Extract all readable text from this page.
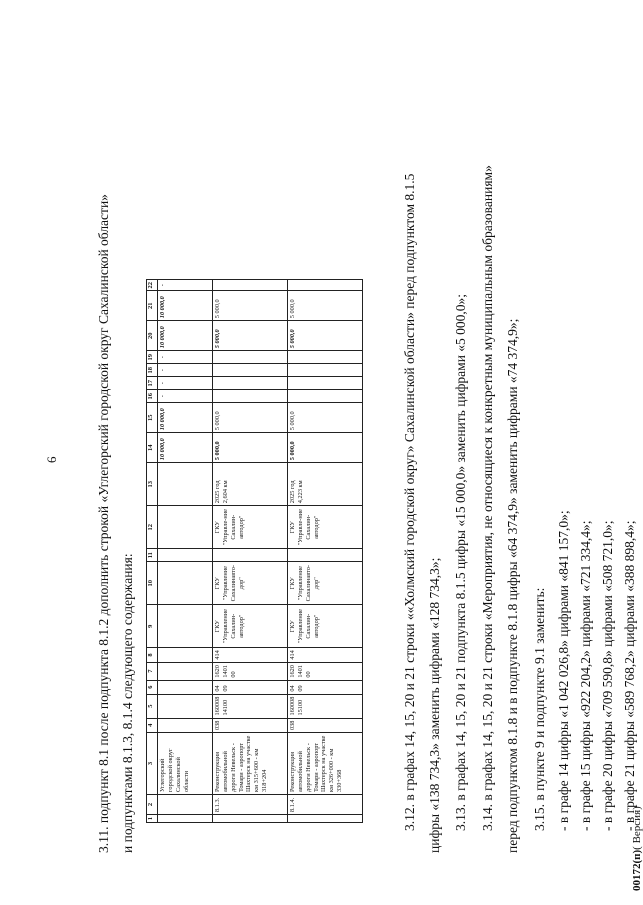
6	3.11. подпункт 8.1 после подпункта 8.1.2 дополнить строкой «Углегорский городской округ Сахалинской области» и подпунктами 8.1.3, 8.1.4 следующего содержания: 1	2	3	4	5	6	7	8	9	10	11	12	13	14	15	16	17	18	19	20	21	22
		Углегорский городской округ Сахалинской области											10 000,0	10 000,0	-	-	-	-	10 000,0	10 000,0	-
	8.1.3.	Реконструкция автомобильной дороги Невельск - Томари - аэропорт Шахтерск на участке км 315+600 - км 318+204	038	160008 14100	04 09	1620 1401 00	414	ГКУ "Управление Сахалин-автодор"	ГКУ "Управление Сахалинавто-дор"		ГКУ "Управле-ние Сахалин-автодор"	2025 год 2,604 км	5 000,0	5 000,0					5 000,0	5 000,0	
	8.1.4.	Реконструкция автомобильной дороги Невельск - Томари - аэропорт Шахтерск на участке км 326+000 - км 330+368	038	160008 15100	04 09	1620 1401 00	414	ГКУ "Управление Сахалин-автодор"	ГКУ "Управление Сахалинавто-дор"		ГКУ "Управле-ние Сахалин-автодор"	2025 год 4,223 км	5 000,0	5 000,0					5 000,0	5 000,0		3.12. в графах 14, 15, 20 и 21 строки ««Холмский городской округ» Сахалинской области» перед подпунктом 8.1.5 цифры «138 734,3» заменить цифрами «128 734,3»; 3.13. в графах 14, 15, 20 и 21 подпункта 8.1.5 цифры «15 000,0» заменить цифрами «5 000,0»; 3.14. в графах 14, 15, 20 и 21 строки «Мероприятия, не относящиеся к конкретным муниципальным образованиям» перед подпунктом 8.1.8 и в подпункте 8.1.8 цифры «64 374,9» заменить цифрами «74 374,9»; 3.15. в пункте 9 и подпункте 9.1 заменить: - в графе 14 цифры «1 042 026,8» цифрами «841 157,0»; - в графе 15 цифры «922 204,2» цифрами «721 334,4»; - в графе 20 цифры «709 590,8» цифрами «508 721,0»; - в графе 21 цифры «589 768,2» цифрами «388 898,4»;
00172(п)( Версия)
